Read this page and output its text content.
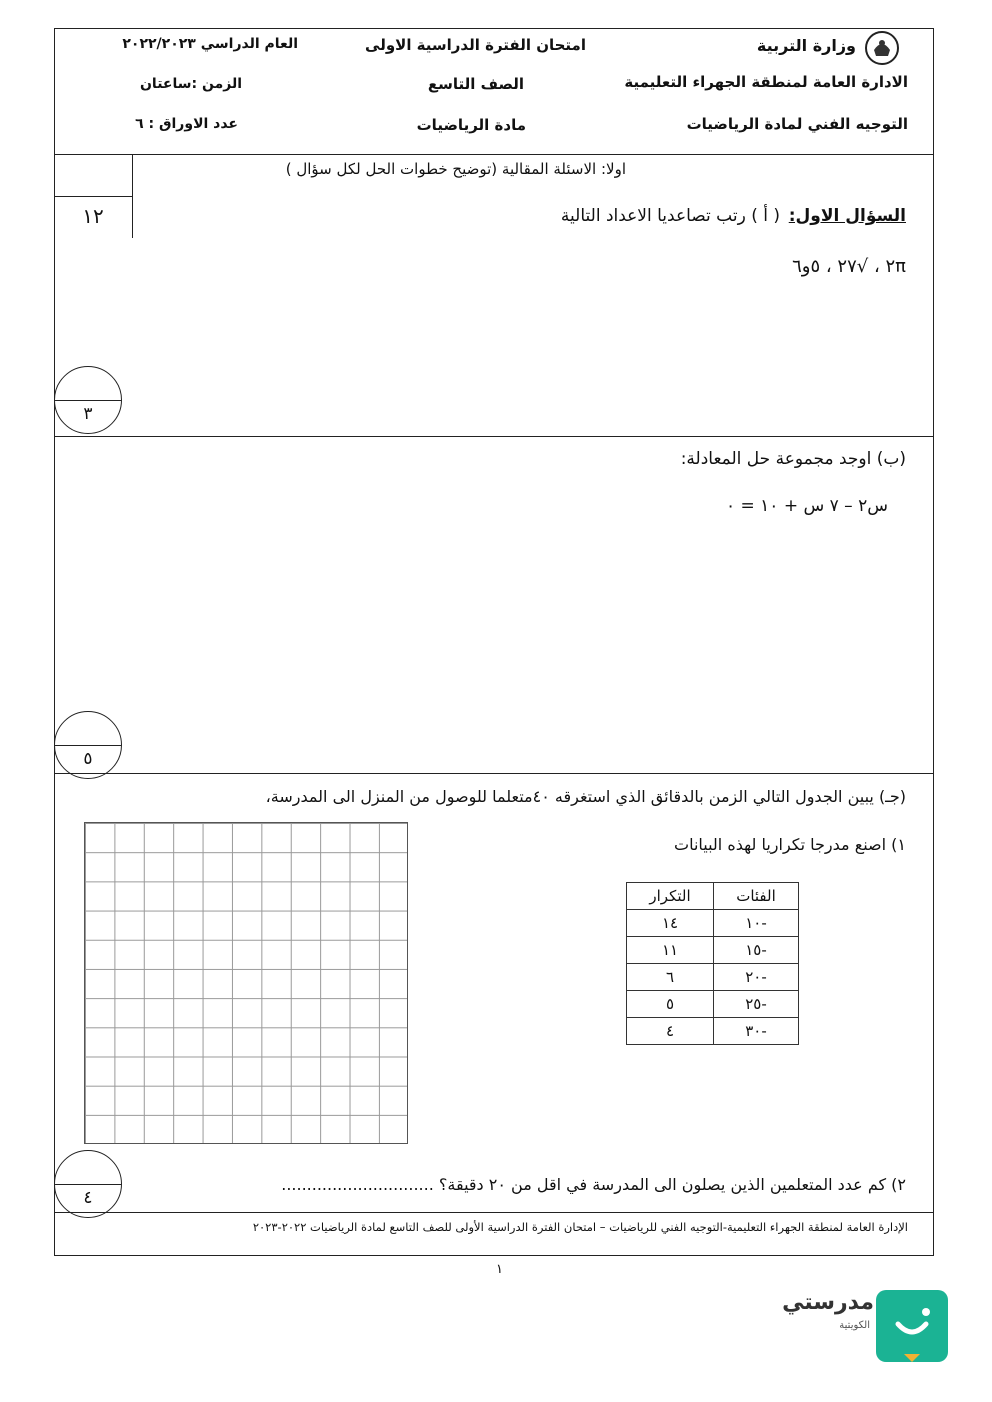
وزارة التربية
الادارة العامة لمنطقة الجهراء التعليمية
التوجيه الفني لمادة الرياضيات
امتحان الفترة الدراسية الاولى
الصف التاسع
مادة الرياضيات
العام الدراسي ٢٠٢٢/٢٠٢٣
الزمن :ساعتان
عدد الاوراق : ٦
١٢
اولا: الاسئلة المقالية (توضيح خطوات الحل لكل سؤال )
السؤال الاول:
( أ ) رتب تصاعديا الاعداد التالية
٢π ، √٢٧ ، ٥و٦
٣
(ب) اوجد مجموعة حل المعادلة:
س٢ – ٧ س + ١٠ = ٠
٥
(جـ) يبين الجدول التالي الزمن بالدقائق الذي استغرقه ٤٠متعلما للوصول من المنزل الى المدرسة،
١) اصنع مدرجا تكراريا لهذه البيانات
الفئات	التكرار
-١٠	١٤
-١٥	١١
-٢٠	٦
-٢٥	٥
-٣٠	٤
٢) كم عدد المتعلمين الذين يصلون الى المدرسة في اقل من ٢٠ دقيقة؟ ..............................
٤
الإدارة العامة لمنطقة الجهراء التعليمية-التوجيه الفني للرياضيات – امتحان الفترة الدراسية الأولى للصف التاسع لمادة الرياضيات ٢٠٢٢-٢٠٢٣
١
مدرستي
الكويتية
